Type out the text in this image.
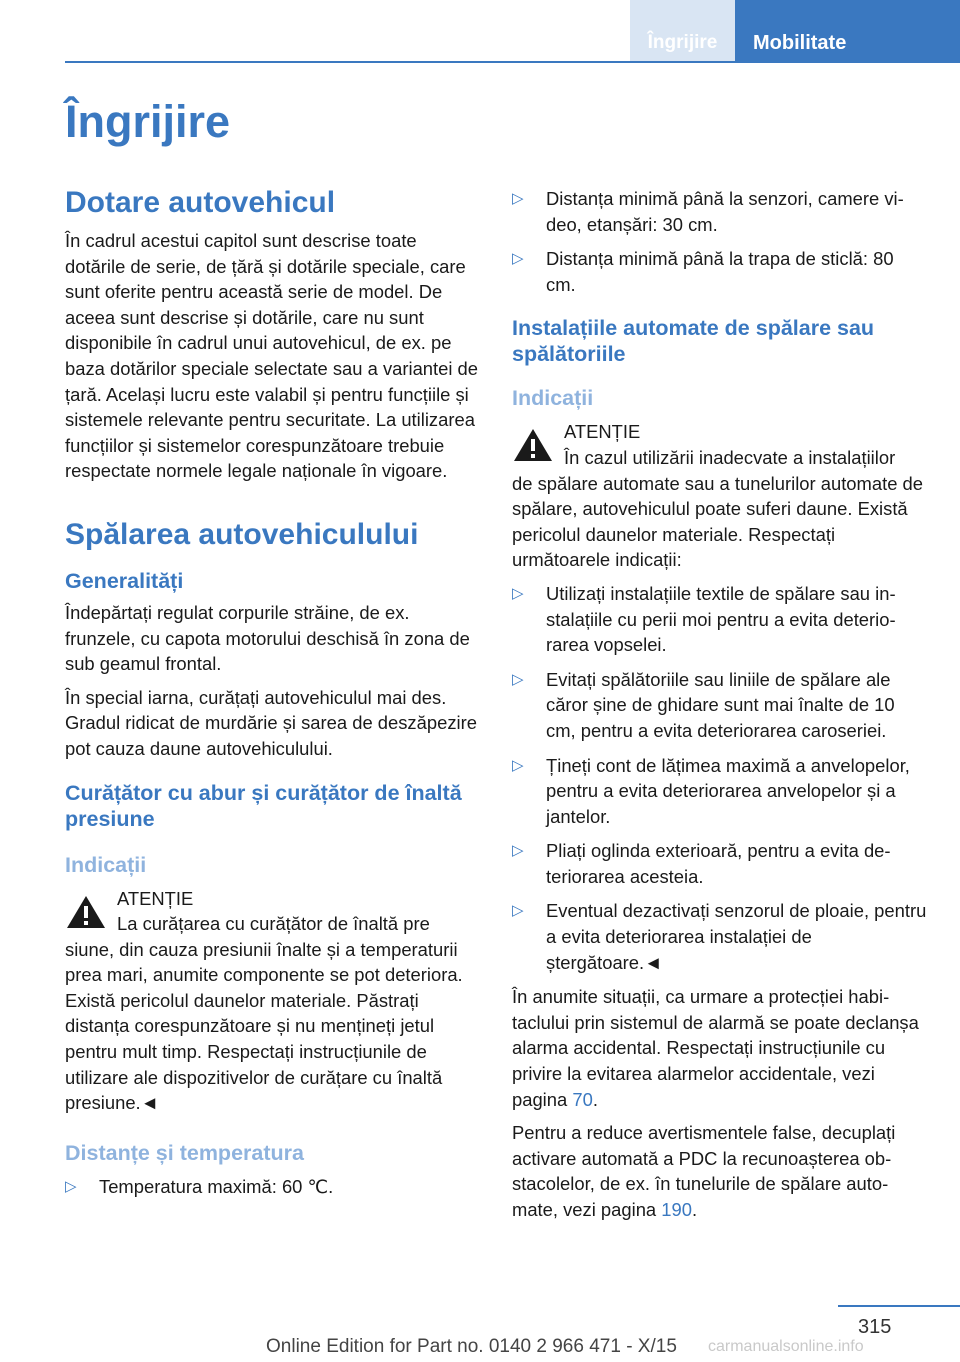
Îngrijire	Mobilitate
Îngrijire
Dotare autovehicul

În cadrul acestui capitol sunt descrise toate dotările de serie, de țără și dotările speciale, care sunt oferite pentru această serie de model. De aceea sunt descrise și dotările, care nu sunt disponibile în cadrul unui autovehicul, de ex. pe baza dotărilor speciale selectate sau a variantei de țară. Același lucru este valabil și pentru funcțiile și sistemele relevante pentru securitate. La utilizarea funcțiilor și sistemelor corespunzătoare trebuie respectate normele legale naționale în vigoare.

Spălarea autovehiculului
Generalități

Îndepărtați regulat corpurile străine, de ex. frunzele, cu capota motorului deschisă în zona de sub geamul frontal.

În special iarna, curățați autovehiculul mai des. Gradul ridicat de murdărie și sarea de deszăpezire pot cauza daune autovehiculului.

Curățător cu abur și curățător de înaltă presiune
Indicații
ATENȚIE
La curățarea cu curățător de înaltă pre

siune, din cauza presiunii înalte și a temperaturii prea mari, anumite componente se pot deteriora. Există pericolul daunelor materiale. Păstrați distanța corespunzătoare și nu mențineți jetul pentru mult timp. Respectați instrucțiunile de utilizare ale dispozitivelor de curățare cu înaltă presiune.◄

Distanțe și temperatura
▷ Temperatura maximă: 60 ℃.
▷ Distanța minimă până la senzori, camere video, etanșări: 30 cm.
▷ Distanța minimă până la trapa de sticlă: 80 cm.
Instalațiile automate de spălare sau spălătoriile
Indicații
ATENȚIE
În cazul utilizării inadecvate a instalațiilor

de spălare automate sau a tunelurilor automate de spălare, autovehiculul poate suferi daune. Există pericolul daunelor materiale. Respectați următoarele indicații:

▷ Utilizați instalațiile textile de spălare sau instalațiile cu perii moi pentru a evita deteriorarea vopselei.
▷ Evitați spălătoriile sau liniile de spălare ale căror șine de ghidare sunt mai înalte de 10 cm, pentru a evita deteriorarea caroseriei.
▷ Țineți cont de lățimea maximă a anvelopelor, pentru a evita deteriorarea anvelopelor și a jantelor.
▷ Pliați oglinda exterioară, pentru a evita deteriorarea acesteia.
▷ Eventual dezactivați senzorul de ploaie, pentru a evita deteriorarea instalației de ștergătoare.◄

În anumite situații, ca urmare a protecției habitaclului prin sistemul de alarmă se poate declanșa alarma accidental. Respectați instrucțiunile cu privire la evitarea alarmelor accidentale, vezi pagina 70.

Pentru a reduce avertismentele false, decuplați activare automată a PDC la recunoașterea obstacolelor, de ex. în tunelurile de spălare automate, vezi pagina 190.

315
Online Edition for Part no. 0140 2 966 471 - X/15 carmanualsonline.info
